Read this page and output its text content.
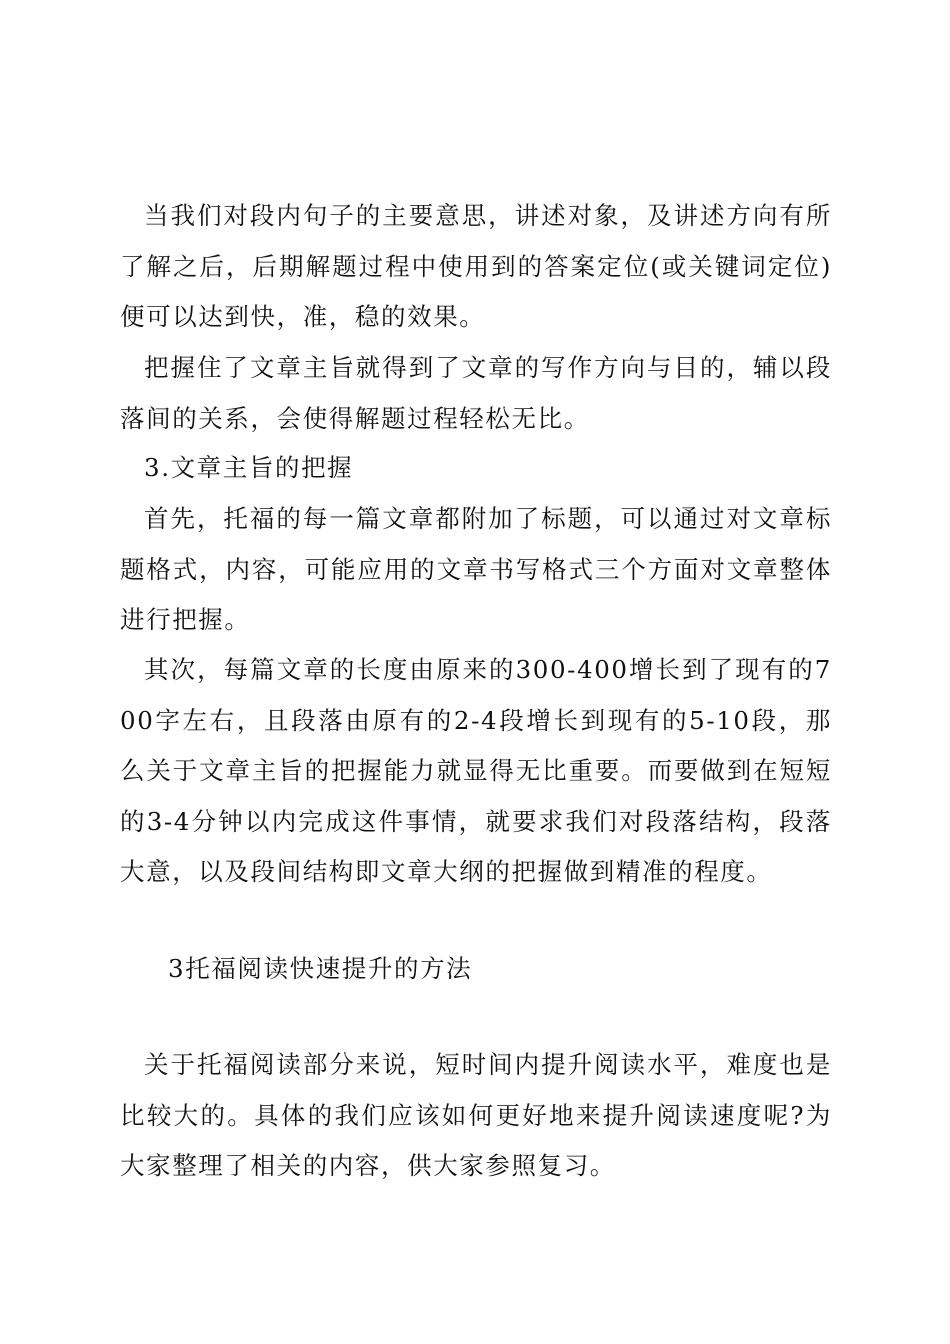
当我们对段内句子的主要意思，讲述对象，及讲述方向有所了解之后，后期解题过程中使用到的答案定位(或关键词定位)便可以达到快，准，稳的效果。

把握住了文章主旨就得到了文章的写作方向与目的，辅以段落间的关系，会使得解题过程轻松无比。

3.文章主旨的把握

首先，托福的每一篇文章都附加了标题，可以通过对文章标题格式，内容，可能应用的文章书写格式三个方面对文章整体进行把握。

其次，每篇文章的长度由原来的300-400增长到了现有的700字左右，且段落由原有的2-4段增长到现有的5-10段，那么关于文章主旨的把握能力就显得无比重要。而要做到在短短的3-4分钟以内完成这件事情，就要求我们对段落结构，段落大意，以及段间结构即文章大纲的把握做到精准的程度。

3托福阅读快速提升的方法

关于托福阅读部分来说，短时间内提升阅读水平，难度也是比较大的。具体的我们应该如何更好地来提升阅读速度呢?为大家整理了相关的内容，供大家参照复习。
